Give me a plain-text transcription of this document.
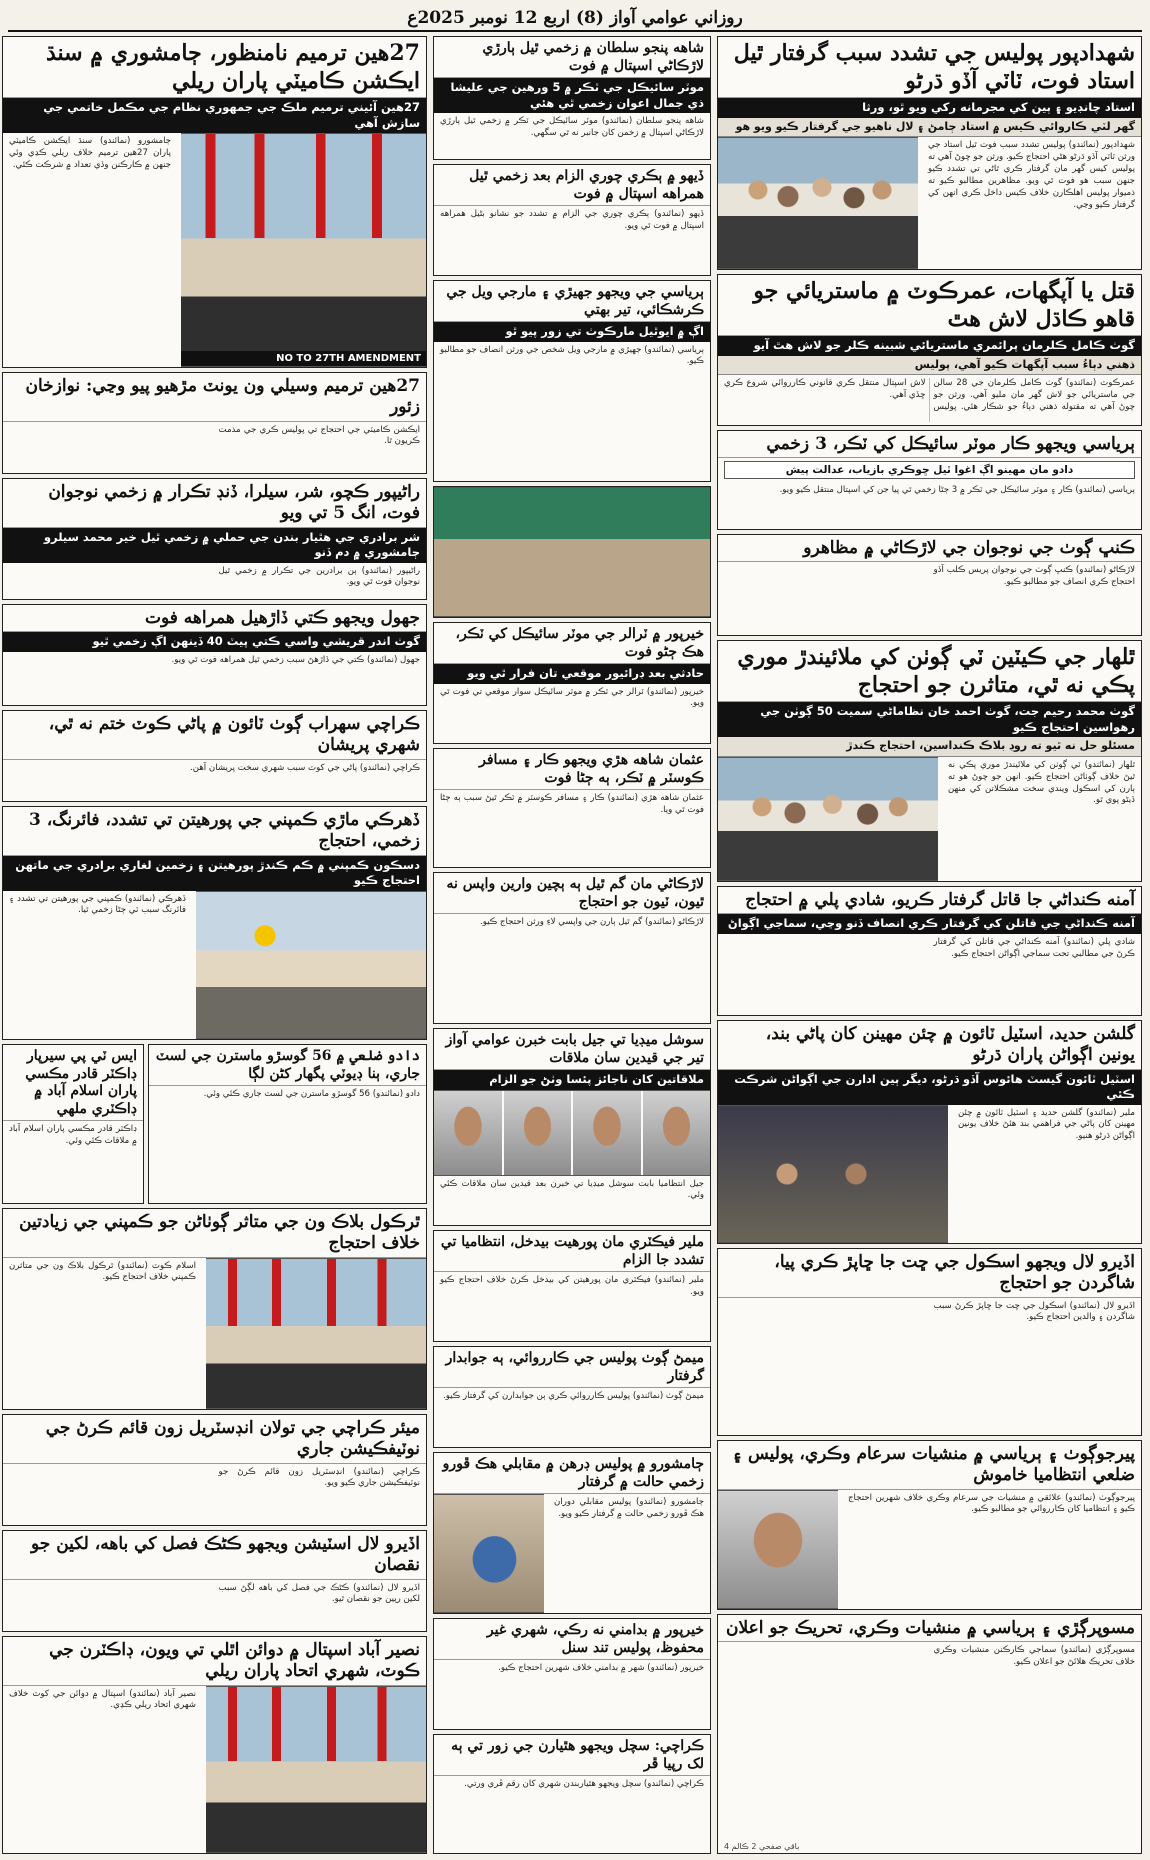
روزاني عوامي آواز (8) اربع 12 نومبر 2025ع
شهدادپور پوليس جي تشدد سبب گرفتار ٿيل استاد فوت، ٽاٽي آڏو ڌرڻو
استاد چانڊيو ۽ ٻين کي مجرمانه رکي ويو ٿو، ورثا
گهر لٽي ڪاروائي ڪيس ۾ استاد ڄامڻ ۽ لال ناهيو جي گرفتار ڪيو ويو هو
شهدادپور (نمائندو) پوليس تشدد سبب فوت ٿيل استاد جي ورثن ٽاٽي آڏو ڌرڻو هڻي احتجاج ڪيو. ورثن جو چوڻ آهي ته پوليس کيس گهر مان گرفتار ڪري ٿاڻي تي تشدد ڪيو جنهن سبب هو فوت ٿي ويو. مظاهرين مطالبو ڪيو ته ذميوار پوليس اهلڪارن خلاف ڪيس داخل ڪري انهن کي گرفتار ڪيو وڃي.
قتل يا آپگهات، عمرڪوٽ ۾ ماستريائي جو قاهو ڪاڌل لاش هٿ
گوٺ ڪامل ڪلرمان پرائمري ماستريائي شبينه ڪلر جو لاش هٿ آيو
ذهني دٻاءُ سبب آپگهات ڪيو آهي، پوليس
عمرڪوٽ (نمائندو) گوٺ ڪامل ڪلرمان جي 28 سالن جي ماستريائي جو لاش گهر مان مليو آهي. ورثن جو چوڻ آهي ته مقتوله ذهني دٻاءُ جو شڪار هئي. پوليس لاش اسپتال منتقل ڪري قانوني ڪارروائي شروع ڪري ڇڏي آهي.
ٻرياسي ويجهو ڪار موٽر سائيڪل کي ٽڪر، 3 زخمي
دادو مان مهينو اڳ اغوا ٿيل ڇوڪري بازياب، عدالت پيش
ٻرياسي (نمائندو) ڪار ۽ موٽر سائيڪل جي ٽڪر ۾ 3 ڄڻا زخمي ٿي پيا جن کي اسپتال منتقل ڪيو ويو.
ڪنڀ ڳوٺ جي نوجوان جي لاڙڪاڻي ۾ مظاهرو
لاڙڪاڻو (نمائندو) ڪنڀ ڳوٺ جي نوجوان پريس ڪلب آڏو احتجاج ڪري انصاف جو مطالبو ڪيو.
ٿلهار جي ڪيٽين ٽي ڳوٺن کي ملائيندڙ موري پڪي نه ٿي، متاثرن جو احتجاج
گوٺ محمد رحيم جت، گوٺ احمد خان نظاماڻي سميت 50 ڳوٺن جي رهواسين احتجاج ڪيو
مسئلو حل نه ٿيو ته روڊ بلاڪ ڪنداسين، احتجاج ڪندڙ
ٿلهار (نمائندو) ٽي ڳوٺن کي ملائيندڙ موري پڪي نه ٿيڻ خلاف ڳوٺاڻن احتجاج ڪيو. انهن جو چوڻ هو ته ٻارن کي اسڪول ويندي سخت مشڪلاتن کي منهن ڏيڻو پوي ٿو.
آمنه ڪنداڻي جا قاتل گرفتار ڪريو، شادي پلي ۾ احتجاج
آمنه ڪنداڻي جي قاتلن کي گرفتار ڪري انصاف ڏنو وڃي، سماجي اڳواڻ
شادي پلي (نمائندو) آمنه ڪنداڻي جي قاتلن کي گرفتار ڪرڻ جي مطالبي تحت سماجي اڳواڻن احتجاج ڪيو.
گلشن حديد، اسٽيل ٽائون ۾ چئن مهينن کان پاڻي بند، يونين اڳواڻن پاران ڌرڻو
اسٽيل ٽائون گيسٽ هائوس آڏو ڌرڻو، ديگر ٻين ادارن جي اڳواڻن شرڪت ڪئي
ملير (نمائندو) گلشن حديد ۽ اسٽيل ٽائون ۾ چئن مهينن کان پاڻي جي فراهمي بند هئڻ خلاف يونين اڳواڻن ڌرڻو هنيو.
اڏيرو لال ويجهو اسڪول جي ڇت جا ڇاپڙ ڪري پيا، شاگردن جو احتجاج
اڏيرو لال (نمائندو) اسڪول جي ڇت جا ڇاپڙ ڪرڻ سبب شاگردن ۽ والدين احتجاج ڪيو.
پيرجوڳوٺ ۽ ٻرياسي ۾ منشيات سرعام وڪري، پوليس ۽ ضلعي انتظاميا خاموش
پيرجوڳوٺ (نمائندو) علائقي ۾ منشيات جي سرعام وڪري خلاف شهرين احتجاج ڪيو ۽ انتظاميا کان ڪارروائي جو مطالبو ڪيو.
مسوپرڳڙي ۽ ٻرياسي ۾ منشيات وڪري، تحريڪ جو اعلان
مسوپرڳڙي (نمائندو) سماجي ڪارڪنن منشيات وڪري خلاف تحريڪ هلائڻ جو اعلان ڪيو.
باقي صفحي 2 ڪالم 4
شاهه پنجو سلطان ۾ زخمي ٿيل ٻارڙي لاڙڪاڻي اسپتال ۾ فوت
موٽر سائيڪل جي ٽڪر ۾ 5 ورهين جي عليشا ذي جمال اعوان زخمي ٿي هئي
شاهه پنجو سلطان (نمائندو) موٽر سائيڪل جي ٽڪر ۾ زخمي ٿيل ٻارڙي لاڙڪاڻي اسپتال ۾ زخمن کان جانبر نه ٿي سگهي.
ڏيهو ۾ ٻڪري چوري الزام بعد زخمي ٿيل همراهه اسپتال ۾ فوت
ڏيهو (نمائندو) ٻڪري چوري جي الزام ۾ تشدد جو نشانو بڻيل همراهه اسپتال ۾ فوت ٿي ويو.
ٻرياسي جي ويجهو جهيڙي ۽ مارجي ويل جي ڪرشڪائي، تير بهتي
اڳ ۾ ايوٿيل مارڪوٺ تي زور پيو ٿو
ٻرياسي (نمائندو) جهيڙي ۾ مارجي ويل شخص جي ورثن انصاف جو مطالبو ڪيو.
خيرپور ۾ ٽرالر جي موٽر سائيڪل کي ٽڪر، هڪ ڄڻو فوت
حادثي بعد ڊرائيور موقعي تان فرار ٿي ويو
خيرپور (نمائندو) ٽرالر جي ٽڪر ۾ موٽر سائيڪل سوار موقعي تي فوت ٿي ويو.
عثمان شاهه هڙي ويجهو ڪار ۽ مسافر ڪوسٽر ۾ ٽڪر، ٻه ڄڻا فوت
عثمان شاهه هڙي (نمائندو) ڪار ۽ مسافر ڪوسٽر ۾ ٽڪر ٿيڻ سبب ٻه ڄڻا فوت ٿي ويا.
لاڙڪاڻي مان گم ٿيل ٻه ٻچين وارين واپس نه ٿيون، ٽيون جو احتجاج
لاڙڪاڻو (نمائندو) گم ٿيل ٻارن جي واپسي لاءِ ورثن احتجاج ڪيو.
سوشل ميڊيا تي جيل بابت خبرن عوامي آواز تير جي قيدين سان ملاقات
ملاقاتين کان ناجائز پئسا وٺڻ جو الزام
جيل انتظاميا بابت سوشل ميڊيا تي خبرن بعد قيدين سان ملاقات ڪئي وئي.
ملير فيڪٽري مان پورهيت بيدخل، انتظاميا تي تشدد جا الزام
ملير (نمائندو) فيڪٽري مان پورهيتن کي بيدخل ڪرڻ خلاف احتجاج ڪيو ويو.
ميمڻ ڳوٺ پوليس جي ڪارروائي، ٻه جوابدار گرفتار
ميمڻ ڳوٺ (نمائندو) پوليس ڪارروائي ڪري ٻن جوابدارن کي گرفتار ڪيو.
ڄامشورو ۾ پوليس ڊرهن ۾ مقابلي هڪ ڦورو زخمي حالت ۾ گرفتار
ڄامشورو (نمائندو) پوليس مقابلي دوران هڪ ڦورو زخمي حالت ۾ گرفتار ڪيو ويو.
خيرپور ۾ بدامني نه رڪي، شهري غير محفوظ، پوليس تند سنل
خيرپور (نمائندو) شهر ۾ بدامني خلاف شهرين احتجاج ڪيو.
ڪراچي: سچل ويجهو هٿيارن جي زور تي ٻه لک رپيا ڦر
ڪراچي (نمائندو) سچل ويجهو هٿياربندن شهري کان رقم ڦري ورتي.
27هين ترميم نامنظور، ڄامشوري ۾ سنڌ ايڪشن ڪاميٽي پاران ريلي
27هين آئيني ترميم ملڪ جي جمهوري نظام جي مڪمل خاتمي جي سازش آهي
NO TO 27TH AMENDMENT
ڄامشورو (نمائندو) سنڌ ايڪشن ڪاميٽي پاران 27هين ترميم خلاف ريلي ڪڍي وئي جنهن ۾ ڪارڪنن وڏي تعداد ۾ شرڪت ڪئي.
27هين ترميم وسيلي ون يونٽ مڙهيو پيو وڃي: نوازخان زئور
ايڪشن ڪاميٽي جي احتجاج تي پوليس ڪري جي مذمت ڪريون ٿا.
راڻيپور ڪچو، شر، سيلرا، ڏنڊ تڪرار ۾ زخمي نوجوان فوت، انگ 5 تي ويو
شر برادري جي هٿيار بندن جي حملي ۾ زخمي ٿيل خير محمد سيلرو ڄامشوري ۾ دم ڏنو
راڻيپور (نمائندو) ٻن برادرين جي تڪرار ۾ زخمي ٿيل نوجوان فوت ٿي ويو.
جهول ويجهو ڪتي ڏاڙهيل همراهه فوت
گوٺ اندر قريشي واسي ڪتي پيٽ 40 ڏينهن اڳ زخمي ٿيو
جهول (نمائندو) ڪتي جي ڏاڙهڻ سبب زخمي ٿيل همراهه فوت ٿي ويو.
ڪراچي سهراب ڳوٺ ٽائون ۾ پاڻي ڪوٽ ختم نه ٿي، شهري پريشان
ڪراچي (نمائندو) پاڻي جي کوٽ سبب شهري سخت پريشان آهن.
ڏهرڪي ماڙي ڪمپني جي پورهيتن تي تشدد، فائرنگ، 3 زخمي، احتجاج
دسڪون ڪمپني ۾ ڪم ڪندڙ پورهيتن ۽ زخمين لغاري برادري جي ماتهن احتجاج ڪيو
ڏهرڪي (نمائندو) ڪمپني جي پورهيتن تي تشدد ۽ فائرنگ سبب ٽي ڄڻا زخمي ٿيا.
دادو ضلعي ۾ 56 گوسڙو ماسترن جي لسٽ جاري، ٻنا ڊيوٽي پگهار کڻن لڳا
دادو (نمائندو) 56 گوسڙو ماسترن جي لسٽ جاري ڪئي وئي.
ايس ٽي پي سيرپار ڊاڪٽر قادر مڪسي پاران اسلام آباد ۾ ڊاڪٽري ملهي
ڊاڪٽر قادر مڪسي پاران اسلام آباد ۾ ملاقات ڪئي وئي.
ٿرڪول بلاڪ ون جي متاثر ڳوٺاڻن جو ڪمپني جي زيادتين خلاف احتجاج
اسلام ڪوٽ (نمائندو) ٿرڪول بلاڪ ون جي متاثرن ڪمپني خلاف احتجاج ڪيو.
ميئر ڪراچي جي تولان انڊسٽريل زون قائم ڪرڻ جي نوٽيفڪيشن جاري
ڪراچي (نمائندو) انڊسٽريل زون قائم ڪرڻ جو نوٽيفڪيشن جاري ڪيو ويو.
اڏيرو لال اسٽيشن ويجهو ڪڻڪ فصل کي باهه، لکين جو نقصان
اڏيرو لال (نمائندو) ڪڻڪ جي فصل کي باهه لڳڻ سبب لکين رپين جو نقصان ٿيو.
نصير آباد اسپتال ۾ دوائن اٿلي تي ويون، ڊاڪٽرن جي ڪوٽ، شهري اتحاد پاران ريلي
نصير آباد (نمائندو) اسپتال ۾ دوائن جي کوٽ خلاف شهري اتحاد ريلي ڪڍي.
